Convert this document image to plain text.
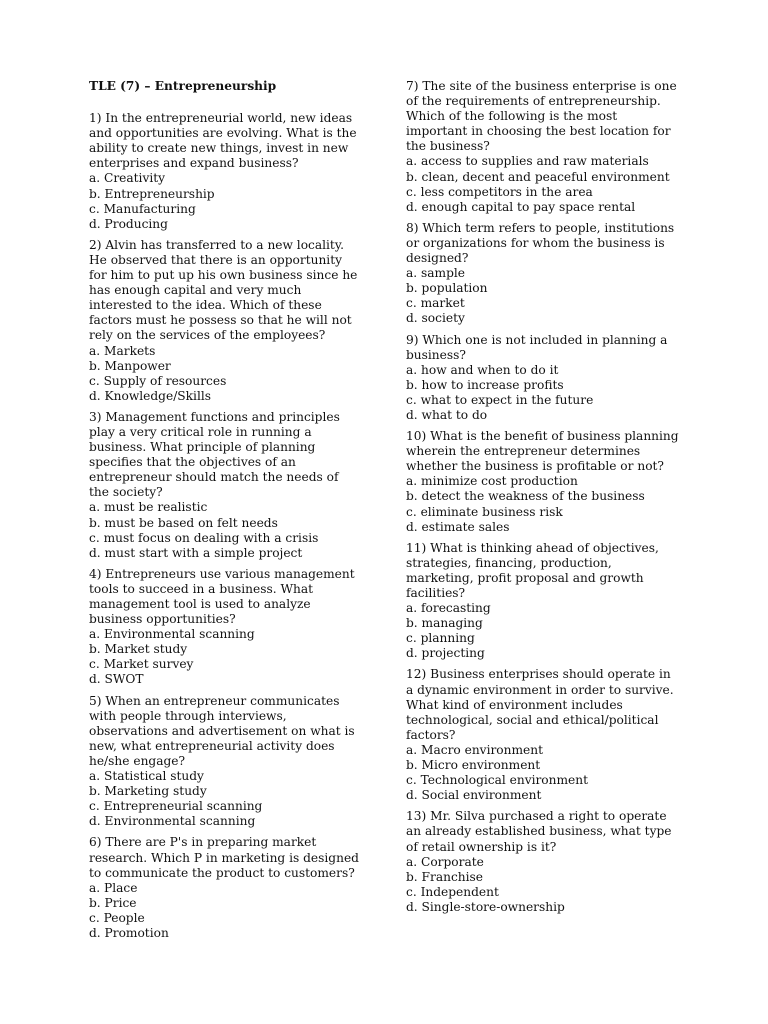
TLE (7) – Entrepreneurship

1) In the entrepreneurial world, new ideas and opportunities are evolving. What is the ability to create new things, invest in new enterprises and expand business?

a. Creativity
b. Entrepreneurship
c. Manufacturing
d. Producing

2) Alvin has transferred to a new locality. He observed that there is an opportunity for him to put up his own business since he has enough capital and very much interested to the idea. Which of these factors must he possess so that he will not rely on the services of the employees?

a. Markets
b. Manpower
c. Supply of resources
d. Knowledge/Skills

3) Management functions and principles play a very critical role in running a business. What principle of planning specifies that the objectives of an entrepreneur should match the needs of the society?

a. must be realistic
b. must be based on felt needs
c. must focus on dealing with a crisis
d. must start with a simple project

4) Entrepreneurs use various management tools to succeed in a business. What management tool is used to analyze business opportunities?

a. Environmental scanning
b. Market study
c. Market survey
d. SWOT

5) When an entrepreneur communicates with people through interviews, observations and advertisement on what is new, what entrepreneurial activity does he/she engage?

a. Statistical study
b. Marketing study
c. Entrepreneurial scanning
d. Environmental scanning

6) There are P's in preparing market research. Which P in marketing is designed to communicate the product to customers?

a. Place
b. Price
c. People
d. Promotion

7) The site of the business enterprise is one of the requirements of entrepreneurship. Which of the following is the most important in choosing the best location for the business?

a. access to supplies and raw materials
b. clean, decent and peaceful environment
c. less competitors in the area
d. enough capital to pay space rental

8) Which term refers to people, institutions or organizations for whom the business is designed?

a. sample
b. population
c. market
d. society

9) Which one is not included in planning a business?

a. how and when to do it
b. how to increase profits
c. what to expect in the future
d. what to do

10) What is the benefit of business planning wherein the entrepreneur determines whether the business is profitable or not?

a. minimize cost production
b. detect the weakness of the business
c. eliminate business risk
d. estimate sales

11) What is thinking ahead of objectives, strategies, financing, production, marketing, profit proposal and growth facilities?

a. forecasting
b. managing
c. planning
d. projecting

12) Business enterprises should operate in a dynamic environment in order to survive. What kind of environment includes technological, social and ethical/political factors?

a. Macro environment
b. Micro environment
c. Technological environment
d. Social environment

13) Mr. Silva purchased a right to operate an already established business, what type of retail ownership is it?

a. Corporate
b. Franchise
c. Independent
d. Single-store-ownership
